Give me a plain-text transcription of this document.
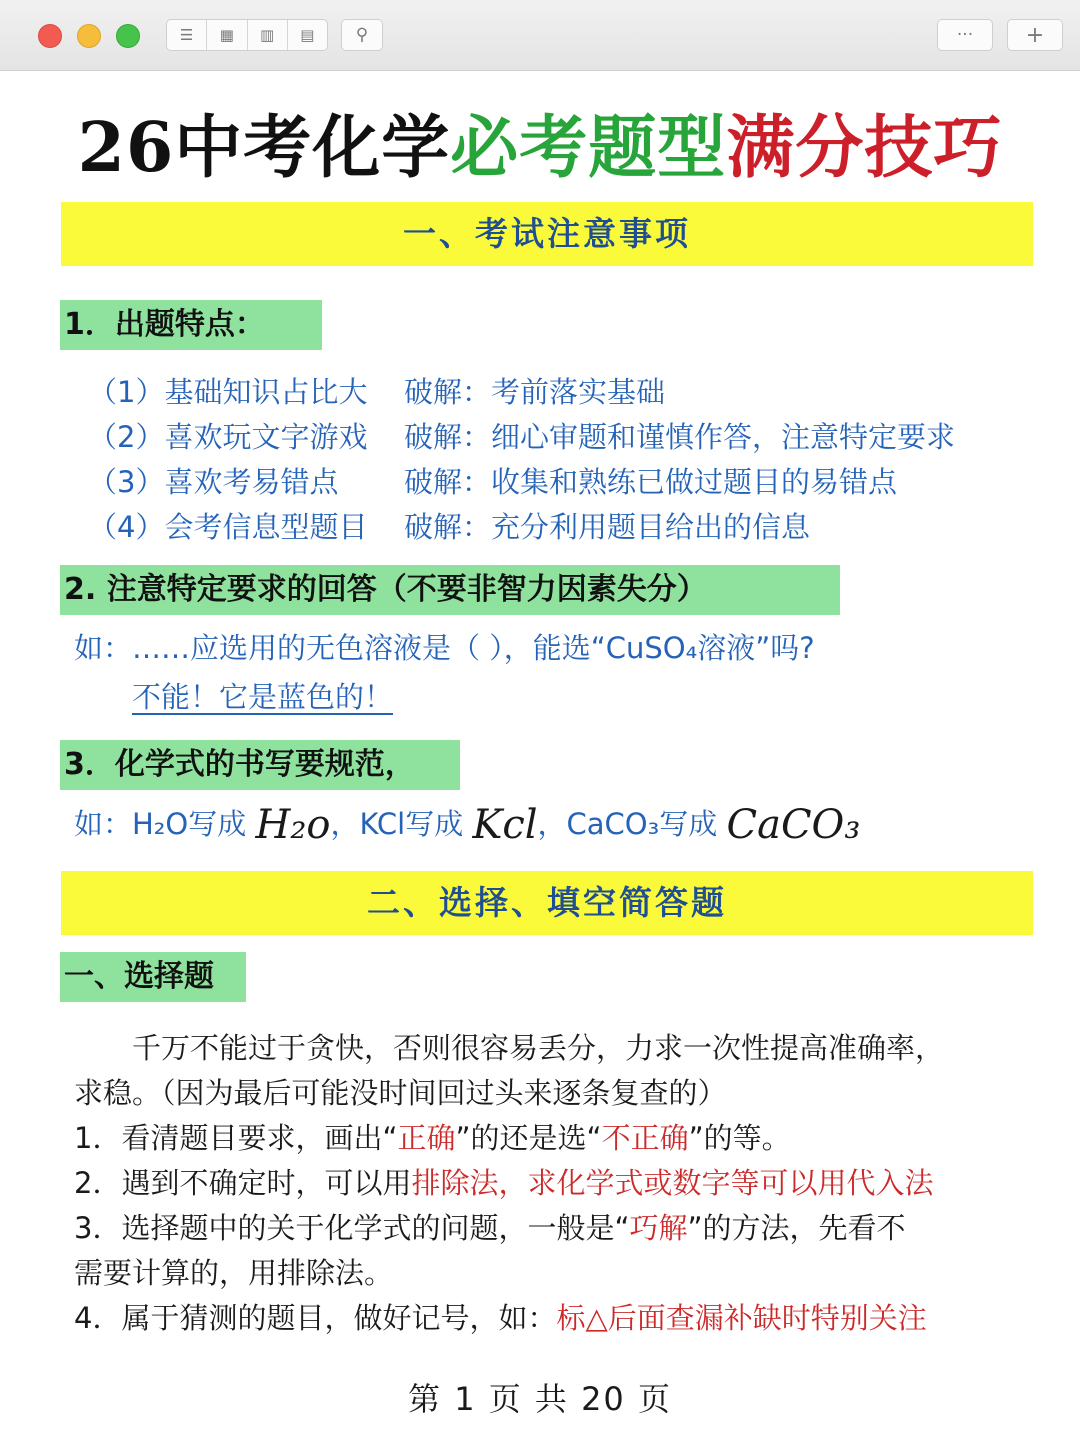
☰	▦	▥	▤	⚲	···	+
26中考化学必考题型满分技巧
一、考试注意事项
1．出题特点：
（1）基础知识占比大 破解：考前落实基础
（2）喜欢玩文字游戏 破解：细心审题和谨慎作答，注意特定要求
（3）喜欢考易错点 破解：收集和熟练已做过题目的易错点
（4）会考信息型题目 破解：充分利用题目给出的信息
2. 注意特定要求的回答（不要非智力因素失分）
如：……应选用的无色溶液是（ ），能选“CuSO₄溶液”吗?
不能！它是蓝色的！
3．化学式的书写要规范，
如：H₂O写成 H₂o，KCl写成 Kcl，CaCO₃写成 CaCO₃
二、选择、填空简答题
一、选择题
千万不能过于贪快，否则很容易丢分，力求一次性提高准确率，
求稳。（因为最后可能没时间回过头来逐条复查的）
1．看清题目要求，画出“正确”的还是选“不正确”的等。
2．遇到不确定时，可以用排除法，求化学式或数字等可以用代入法
3．选择题中的关于化学式的问题，一般是“巧解”的方法，先看不
需要计算的，用排除法。
4．属于猜测的题目，做好记号，如：标△后面查漏补缺时特别关注
第 1 页 共 20 页
